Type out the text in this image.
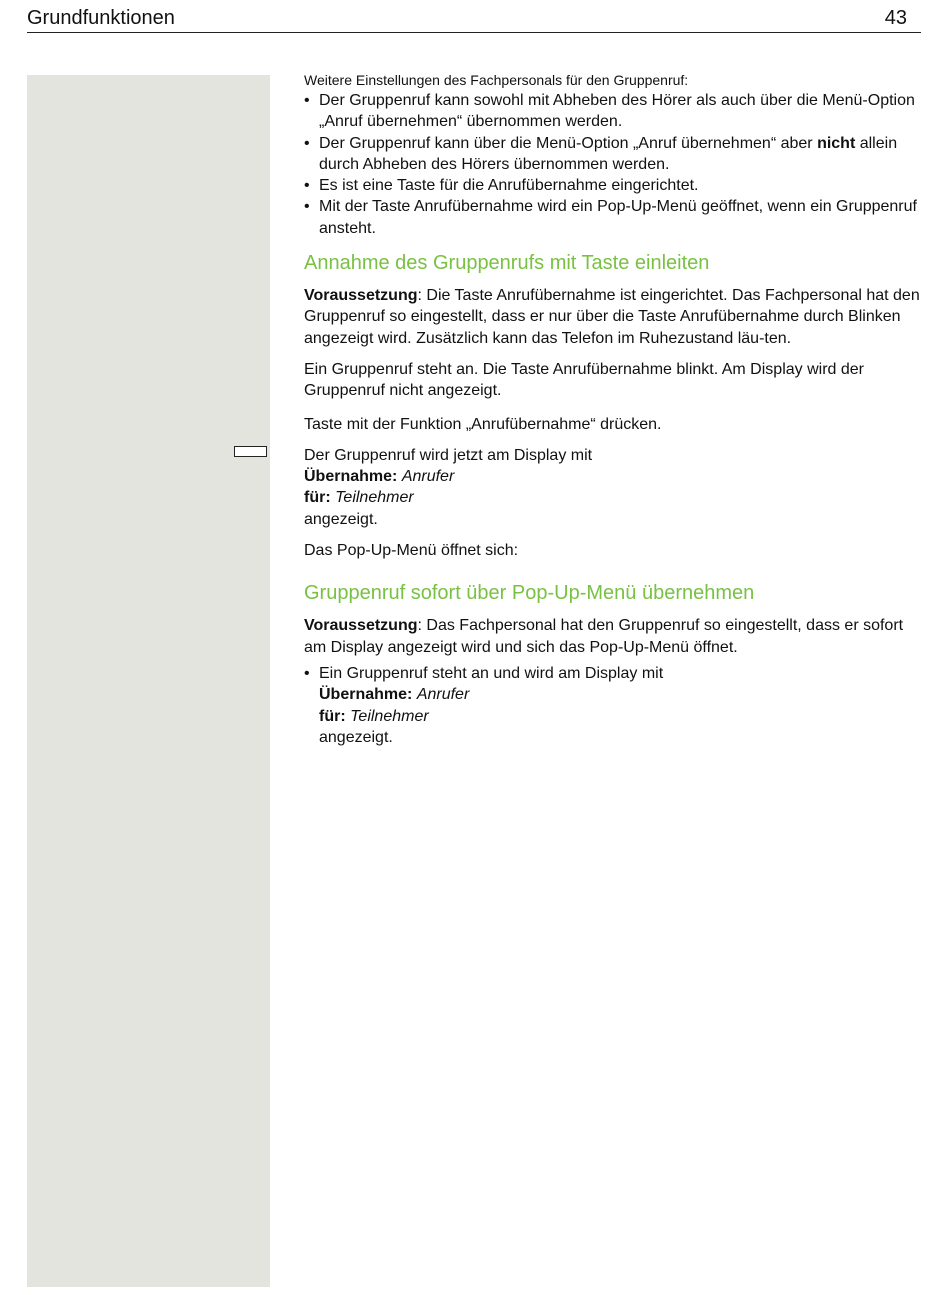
Grundfunktionen	43

Weitere Einstellungen des Fachpersonals für den Gruppenruf:

• Der Gruppenruf kann sowohl mit Abheben des Hörer als auch über die Menü-Option „Anruf übernehmen“ übernommen werden.
• Der Gruppenruf kann über die Menü-Option „Anruf übernehmen“ aber nicht allein durch Abheben des Hörers übernommen werden.
• Es ist eine Taste für die Anrufübernahme eingerichtet.
• Mit der Taste Anrufübernahme wird ein Pop-Up-Menü geöffnet, wenn ein Gruppenruf ansteht.
Annahme des Gruppenrufs mit Taste einleiten

Voraussetzung: Die Taste Anrufübernahme ist eingerichtet. Das Fachpersonal hat den Gruppenruf so eingestellt, dass er nur über die Taste Anrufübernahme durch Blinken angezeigt wird. Zusätzlich kann das Telefon im Ruhezustand läu-ten.

Ein Gruppenruf steht an. Die Taste Anrufübernahme blinkt. Am Display wird der Gruppenruf nicht angezeigt.

Taste mit der Funktion „Anrufübernahme“ drücken.

Der Gruppenruf wird jetzt am Display mit

Übernahme: Anrufer

für: Teilnehmer

angezeigt.

Das Pop-Up-Menü öffnet sich:

Gruppenruf sofort über Pop-Up-Menü übernehmen

Voraussetzung: Das Fachpersonal hat den Gruppenruf so eingestellt, dass er sofort am Display angezeigt wird und sich das Pop-Up-Menü öffnet.

• Ein Gruppenruf steht an und wird am Display mit
Übernahme: Anrufer
für: Teilnehmer
angezeigt.
